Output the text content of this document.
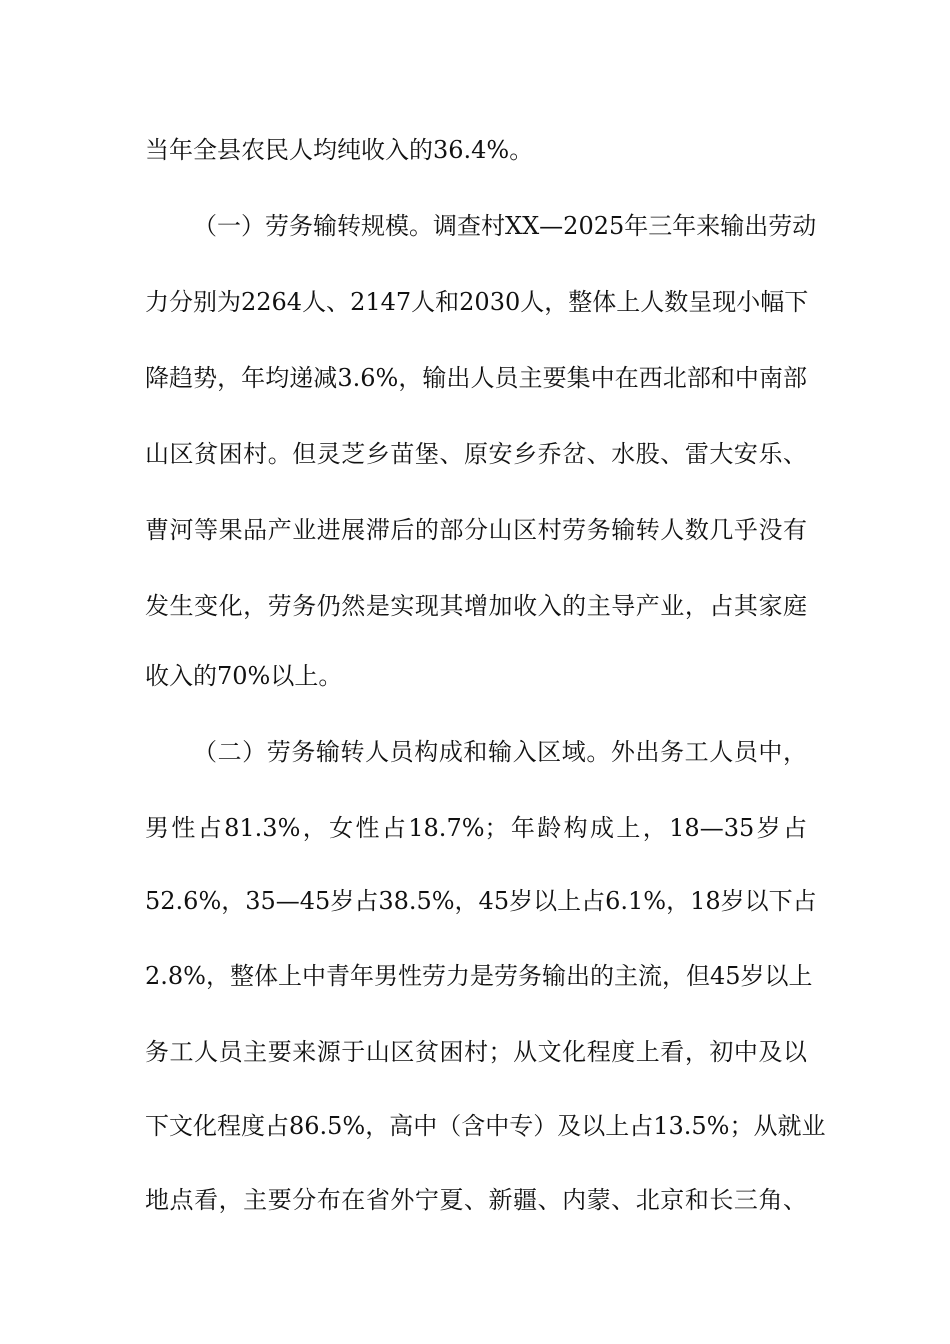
当年全县农民人均纯收入的36.4%。
（一）劳务输转规模。调查村XX—2025年三年来输出劳动
力分别为2264人、2147人和2030人，整体上人数呈现小幅下
降趋势，年均递减3.6%，输出人员主要集中在西北部和中南部
山区贫困村。但灵芝乡苗堡、原安乡乔岔、水股、雷大安乐、
曹河等果品产业进展滞后的部分山区村劳务输转人数几乎没有
发生变化，劳务仍然是实现其增加收入的主导产业，占其家庭
收入的70%以上。
（二）劳务输转人员构成和输入区域。外出务工人员中，
男性占81.3%，女性占18.7%；年龄构成上，18—35岁占
52.6%，35—45岁占38.5%，45岁以上占6.1%，18岁以下占
2.8%，整体上中青年男性劳力是劳务输出的主流，但45岁以上
务工人员主要来源于山区贫困村；从文化程度上看，初中及以
下文化程度占86.5%，高中（含中专）及以上占13.5%；从就业
地点看，主要分布在省外宁夏、新疆、内蒙、北京和长三角、
